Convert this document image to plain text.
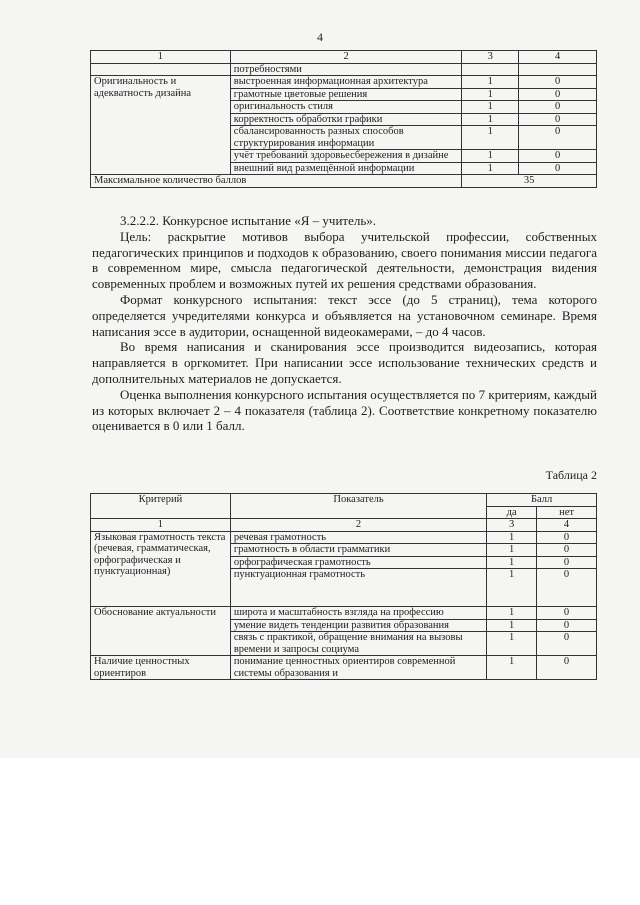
4
1	2	3	4
	потребностями		
Оригинальность и адекватность дизайна	выстроенная информационная архитектура	1	0
	грамотные цветовые решения	1	0
	оригинальность стиля	1	0
	корректность обработки графики	1	0
	сбалансированность разных способов структурирования информации	1	0
	учёт требований здоровьесбережения в дизайне	1	0
	внешний вид размещённой информации	1	0
Максимальное количество баллов		35	

3.2.2.2. Конкурсное испытание «Я – учитель».

Цель: раскрытие мотивов выбора учительской профессии, собственных педагогических принципов и подходов к образованию, своего понимания миссии педагога в современном мире, смысла педагогической деятельности, демонстрация видения современных проблем и возможных путей их решения средствами образования.

Формат конкурсного испытания: текст эссе (до 5 страниц), тема которого определяется учредителями конкурса и объявляется на установочном семинаре. Время написания эссе в аудитории, оснащенной видеокамерами, – до 4 часов.

Во время написания и сканирования эссе производится видеозапись, которая направляется в оргкомитет. При написании эссе использование технических средств и дополнительных материалов не допускается.

Оценка выполнения конкурсного испытания осуществляется по 7 критериям, каждый из которых включает 2 – 4 показателя (таблица 2). Соответствие конкретному показателю оценивается в 0 или 1 балл.

Таблица 2
Критерий	Показатель	Балл	
		да	нет
1	2	3	4
Языковая грамотность текста (речевая, грамматическая, орфографическая и пунктуационная)	речевая грамотность	1	0
	грамотность в области грамматики	1	0
	орфографическая грамотность	1	0
	пунктуационная грамотность	1	0
Обоснование актуальности	широта и масштабность взгляда на профессию	1	0
	умение видеть тенденции развития образования	1	0
	связь с практикой, обращение внимания на вызовы времени и запросы социума	1	0
Наличие ценностных ориентиров	понимание ценностных ориентиров современной системы образования и	1	0
